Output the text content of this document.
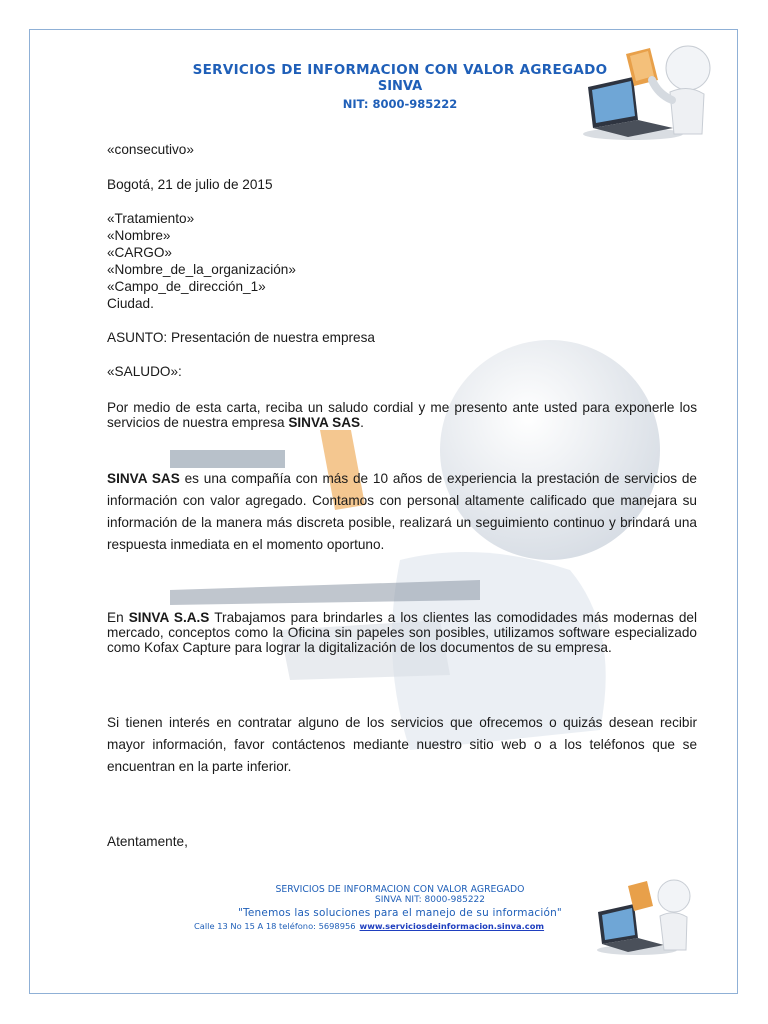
SERVICIOS DE INFORMACION CON VALOR AGREGADO
SINVA
NIT: 8000-985222
«consecutivo»
Bogotá, 21 de julio de 2015
«Tratamiento»
«Nombre»
«CARGO»
«Nombre_de_la_organización»
«Campo_de_dirección_1»
Ciudad.
ASUNTO: Presentación de nuestra empresa
«SALUDO»:
Por medio de esta carta, reciba un saludo cordial y me presento ante usted para exponerle los servicios de nuestra empresa SINVA SAS.
SINVA SAS es una compañía con más de 10 años de experiencia la prestación de servicios de información con valor agregado. Contamos con personal altamente calificado que manejara su información de la manera más discreta posible, realizará un seguimiento continuo y brindará una respuesta inmediata en el momento oportuno.
En SINVA S.A.S Trabajamos para brindarles a los clientes las comodidades más modernas del mercado, conceptos como la Oficina sin papeles son posibles, utilizamos software especializado como Kofax Capture para lograr la digitalización de los documentos de su empresa.
Si tienen interés en contratar alguno de los servicios que ofrecemos o quizás desean recibir mayor información, favor contáctenos mediante nuestro sitio web o a los teléfonos que se encuentran en la parte inferior.
Atentamente,
SERVICIOS DE INFORMACION CON VALOR AGREGADO
SINVA NIT: 8000-985222
"Tenemos las soluciones para el manejo de su información"
Calle 13 No 15 A 18 teléfono: 5698956 www.serviciosdeinformacion.sinva.com
